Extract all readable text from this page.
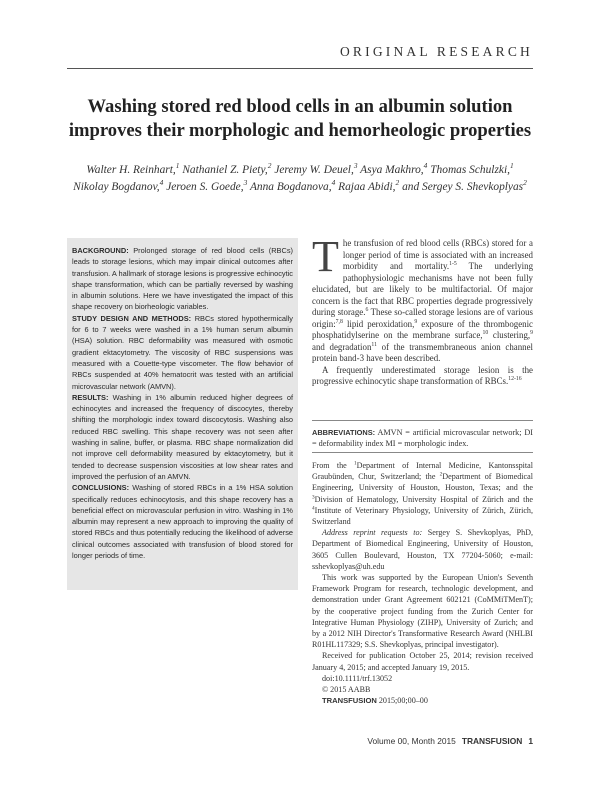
ORIGINAL RESEARCH
Washing stored red blood cells in an albumin solution improves their morphologic and hemorheologic properties
Walter H. Reinhart,$^1$ Nathaniel Z. Piety,$^2$ Jeremy W. Deuel,$^3$ Asya Makhro,$^4$ Thomas Schulzki,$^1$
Nikolay Bogdanov,$^4$ Jeroen S. Goede,$^3$ Anna Bogdanova,$^4$ Rajaa Abidi,$^2$ and Sergey S. Shevkoplyas$^2$

BACKGROUND: Prolonged storage of red blood cells (RBCs) leads to storage lesions, which may impair clinical outcomes after transfusion. A hallmark of storage lesions is progressive echinocytic shape transformation, which can be partially reversed by washing in albumin solutions. Here we have investigated the impact of this shape recovery on biorheologic variables.

STUDY DESIGN AND METHODS: RBCs stored hypothermically for 6 to 7 weeks were washed in a 1% human serum albumin (HSA) solution. RBC deformability was measured with osmotic gradient ektacytometry. The viscosity of RBC suspensions was measured with a Couette-type viscometer. The flow behavior of RBCs suspended at 40% hematocrit was tested with an artificial microvascular network (AMVN).

RESULTS: Washing in 1% albumin reduced higher degrees of echinocytes and increased the frequency of discocytes, thereby shifting the morphologic index toward discocytosis. Washing also reduced RBC swelling. This shape recovery was not seen after washing in saline, buffer, or plasma. RBC shape normalization did not improve cell deformability measured by ektacytometry, but it tended to decrease suspension viscosities at low shear rates and improved the perfusion of an AMVN.

CONCLUSIONS: Washing of stored RBCs in a 1% HSA solution specifically reduces echinocytosis, and this shape recovery has a beneficial effect on microvascular perfusion in vitro. Washing in 1% albumin may represent a new approach to improving the quality of stored RBCs and thus potentially reducing the likelihood of adverse clinical outcomes associated with transfusion of blood stored for longer periods of time.

The transfusion of red blood cells (RBCs) stored for a longer period of time is associated with an increased morbidity and mortality.$^{1-5}$ The underlying pathophysiologic mechanisms have not been fully elucidated, but are likely to be multifactorial. Of major concern is the fact that RBC properties degrade progressively during storage.$^6$ These so-called storage lesions are of various origin:$^{7,8}$ lipid peroxidation,$^9$ exposure of the thrombogenic phosphatidylserine on the membrane surface,$^{10}$ clustering,$^9$ and degradation$^{11}$ of the transmembraneous anion channel protein band-3 have been described.

A frequently underestimated storage lesion is the progressive echinocytic shape transformation of RBCs.$^{12-16}$

ABBREVIATIONS: AMVN = artificial microvascular network; DI = deformability index MI = morphologic index.

From the $^1$Department of Internal Medicine, Kantonsspital Graubünden, Chur, Switzerland; the $^2$Department of Biomedical Engineering, University of Houston, Houston, Texas; and the $^3$Division of Hematology, University Hospital of Zürich and the $^4$Institute of Veterinary Physiology, University of Zürich, Zürich, Switzerland

Address reprint requests to: Sergey S. Shevkoplyas, PhD, Department of Biomedical Engineering, University of Houston, 3605 Cullen Boulevard, Houston, TX 77204-5060; e-mail: sshevkoplyas@uh.edu

This work was supported by the European Union's Seventh Framework Program for research, technologic development, and demonstration under Grant Agreement 602121 (CoMMiTMenT); by the cooperative project funding from the Zurich Center for Integrative Human Physiology (ZIHP), University of Zurich; and by a 2012 NIH Director's Transformative Research Award (NHLBI R01HL117329; S.S. Shevkoplyas, principal investigator).

Received for publication October 25, 2014; revision received January 4, 2015; and accepted January 19, 2015.

doi:10.1111/trf.13052

© 2015 AABB

TRANSFUSION 2015;00;00–00

Volume 00, Month 2015 TRANSFUSION 1
